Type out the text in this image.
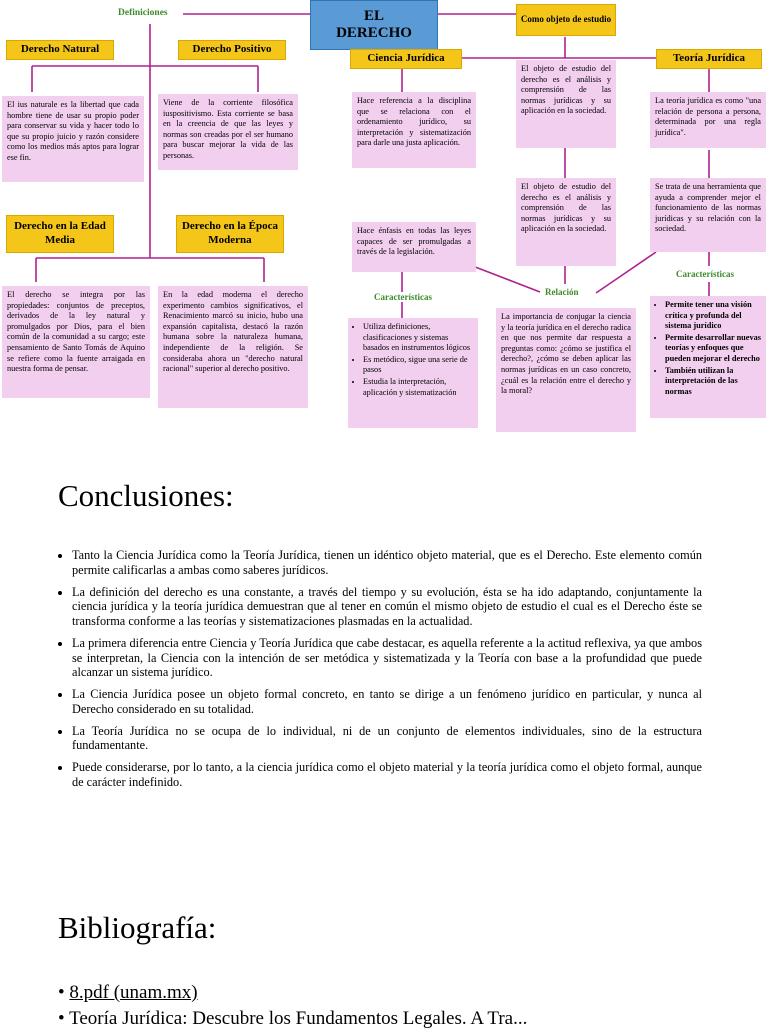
Definiciones	EL
DERECHO
Como objeto de estudio
Derecho Natural	Derecho Positivo
El ius naturale es la libertad que cada hombre tiene de usar su propio poder para conservar su vida y hacer todo lo que su propio juicio y razón considere como los medios más aptos para lograr ese fin.
Viene de la corriente filosófica iuspositivismo. Esta corriente se basa en la creencia de que las leyes y normas son creadas por el ser humano para buscar mejorar la vida de las personas.
Derecho en la Edad Media
Derecho en la Época Moderna
El derecho se integra por las propiedades: conjuntos de preceptos, derivados de la ley natural y promulgados por Dios, para el bien común de la comunidad a su cargo; este pensamiento de Santo Tomás de Aquino se refiere como la fuente arraigada en nuestra forma de pensar.
En la edad moderna el derecho experimento cambios significativos, el Renacimiento marcó su inicio, hubo una expansión capitalista, destacó la razón humana sobre la naturaleza humana, independiente de la religión. Se consideraba ahora un "derecho natural racional" superior al derecho positivo.
Ciencia Jurídica	Teoría Jurídica
Hace referencia a la disciplina que se relaciona con el ordenamiento jurídico, su interpretación y sistematización para darle una justa aplicación.
El objeto de estudio del derecho es el análisis y comprensión de las normas jurídicas y su aplicación en la sociedad.
La teoría jurídica es como "una relación de persona a persona, determinada por una regla jurídica".
El objeto de estudio del derecho es el análisis y comprensión de las normas jurídicas y su aplicación en la sociedad.
Se trata de una herramienta que ayuda a comprender mejor el funcionamiento de las normas jurídicas y su relación con la sociedad.
Hace énfasis en todas las leyes capaces de ser promulgadas a través de la legislación.
Características	Relación
Características
• Utiliza definiciones, clasificaciones y sistemas basados en instrumentos lógicos
• Es metódico, sigue una serie de pasos
• Estudia la interpretación, aplicación y sistematización
La importancia de conjugar la ciencia y la teoría jurídica en el derecho radica en que nos permite dar respuesta a preguntas como: ¿cómo se justifica el derecho?, ¿cómo se deben aplicar las normas jurídicas en un caso concreto, ¿cuál es la relación entre el derecho y la moral?
• Permite tener una visión crítica y profunda del sistema jurídico
• Permite desarrollar nuevas teorías y enfoques que pueden mejorar el derecho
• También utilizan la interpretación de las normas
Conclusiones:
• Tanto la Ciencia Jurídica como la Teoría Jurídica, tienen un idéntico objeto material, que es el Derecho. Este elemento común permite calificarlas a ambas como saberes jurídicos.
• La definición del derecho es una constante, a través del tiempo y su evolución, ésta se ha ido adaptando, conjuntamente la ciencia jurídica y la teoría jurídica demuestran que al tener en común el mismo objeto de estudio el cual es el Derecho éste se transforma conforme a las teorías y sistematizaciones plasmadas en la actualidad.
• La primera diferencia entre Ciencia y Teoría Jurídica que cabe destacar, es aquella referente a la actitud reflexiva, ya que ambos se interpretan, la Ciencia con la intención de ser metódica y sistematizada y la Teoría con base a la profundidad que puede alcanzar un sistema jurídico.
• La Ciencia Jurídica posee un objeto formal concreto, en tanto se dirige a un fenómeno jurídico en particular, y nunca al Derecho considerado en su totalidad.
• La Teoría Jurídica no se ocupa de lo individual, ni de un conjunto de elementos individuales, sino de la estructura fundamentante.
• Puede considerarse, por lo tanto, a la ciencia jurídica como el objeto material y la teoría jurídica como el objeto formal, aunque de carácter indefinido.
Bibliografía:
• 8.pdf (unam.mx)
• Teoría Jurídica: Descubre los Fundamentos Legales. A Tra...
